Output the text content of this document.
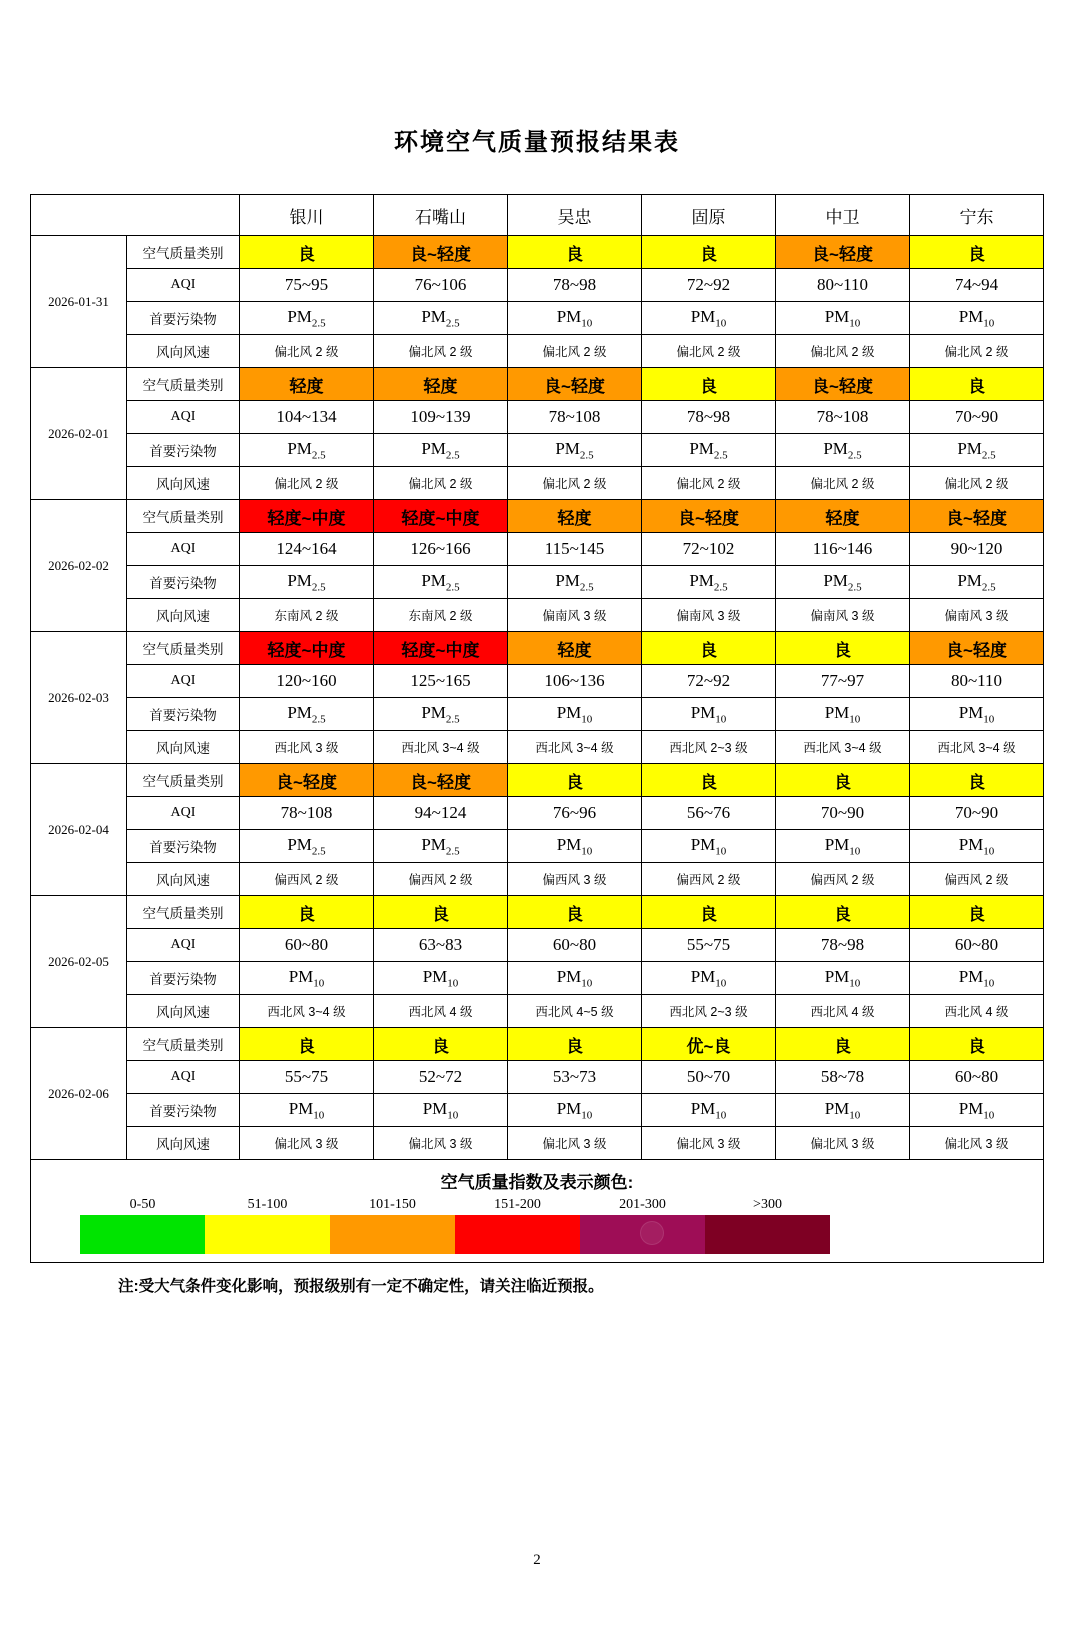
环境空气质量预报结果表
		银川	石嘴山	吴忠	固原	中卫	宁东
2026-01-31	空气质量类别	良	良~轻度	良	良	良~轻度	良
	AQI	75~95	76~106	78~98	72~92	80~110	74~94
	首要污染物	$PM_{2.5}$	$PM_{2.5}$	$PM_{10}$	$PM_{10}$	$PM_{10}$	$PM_{10}$
	风向风速	偏北风 2 级	偏北风 2 级	偏北风 2 级	偏北风 2 级	偏北风 2 级	偏北风 2 级
2026-02-01	空气质量类别	轻度	轻度	良~轻度	良	良~轻度	良
	AQI	104~134	109~139	78~108	78~98	78~108	70~90
	首要污染物	$PM_{2.5}$	$PM_{2.5}$	$PM_{2.5}$	$PM_{2.5}$	$PM_{2.5}$	$PM_{2.5}$
	风向风速	偏北风 2 级	偏北风 2 级	偏北风 2 级	偏北风 2 级	偏北风 2 级	偏北风 2 级
2026-02-02	空气质量类别	轻度~中度	轻度~中度	轻度	良~轻度	轻度	良~轻度
	AQI	124~164	126~166	115~145	72~102	116~146	90~120
	首要污染物	$PM_{2.5}$	$PM_{2.5}$	$PM_{2.5}$	$PM_{2.5}$	$PM_{2.5}$	$PM_{2.5}$
	风向风速	东南风 2 级	东南风 2 级	偏南风 3 级	偏南风 3 级	偏南风 3 级	偏南风 3 级
2026-02-03	空气质量类别	轻度~中度	轻度~中度	轻度	良	良	良~轻度
	AQI	120~160	125~165	106~136	72~92	77~97	80~110
	首要污染物	$PM_{2.5}$	$PM_{2.5}$	$PM_{10}$	$PM_{10}$	$PM_{10}$	$PM_{10}$
	风向风速	西北风 3 级	西北风 3~4 级	西北风 3~4 级	西北风 2~3 级	西北风 3~4 级	西北风 3~4 级
2026-02-04	空气质量类别	良~轻度	良~轻度	良	良	良	良
	AQI	78~108	94~124	76~96	56~76	70~90	70~90
	首要污染物	$PM_{2.5}$	$PM_{2.5}$	$PM_{10}$	$PM_{10}$	$PM_{10}$	$PM_{10}$
	风向风速	偏西风 2 级	偏西风 2 级	偏西风 3 级	偏西风 2 级	偏西风 2 级	偏西风 2 级
2026-02-05	空气质量类别	良	良	良	良	良	良
	AQI	60~80	63~83	60~80	55~75	78~98	60~80
	首要污染物	$PM_{10}$	$PM_{10}$	$PM_{10}$	$PM_{10}$	$PM_{10}$	$PM_{10}$
	风向风速	西北风 3~4 级	西北风 4 级	西北风 4~5 级	西北风 2~3 级	西北风 4 级	西北风 4 级
2026-02-06	空气质量类别	良	良	良	优~良	良	良
	AQI	55~75	52~72	53~73	50~70	58~78	60~80
	首要污染物	$PM_{10}$	$PM_{10}$	$PM_{10}$	$PM_{10}$	$PM_{10}$	$PM_{10}$
	风向风速	偏北风 3 级	偏北风 3 级	偏北风 3 级	偏北风 3 级	偏北风 3 级	偏北风 3 级

空气质量指数及表示颜色:
0-50	51-100	101-150	151-200	201-300	>300
注:受大气条件变化影响，预报级别有一定不确定性，请关注临近预报。
2
